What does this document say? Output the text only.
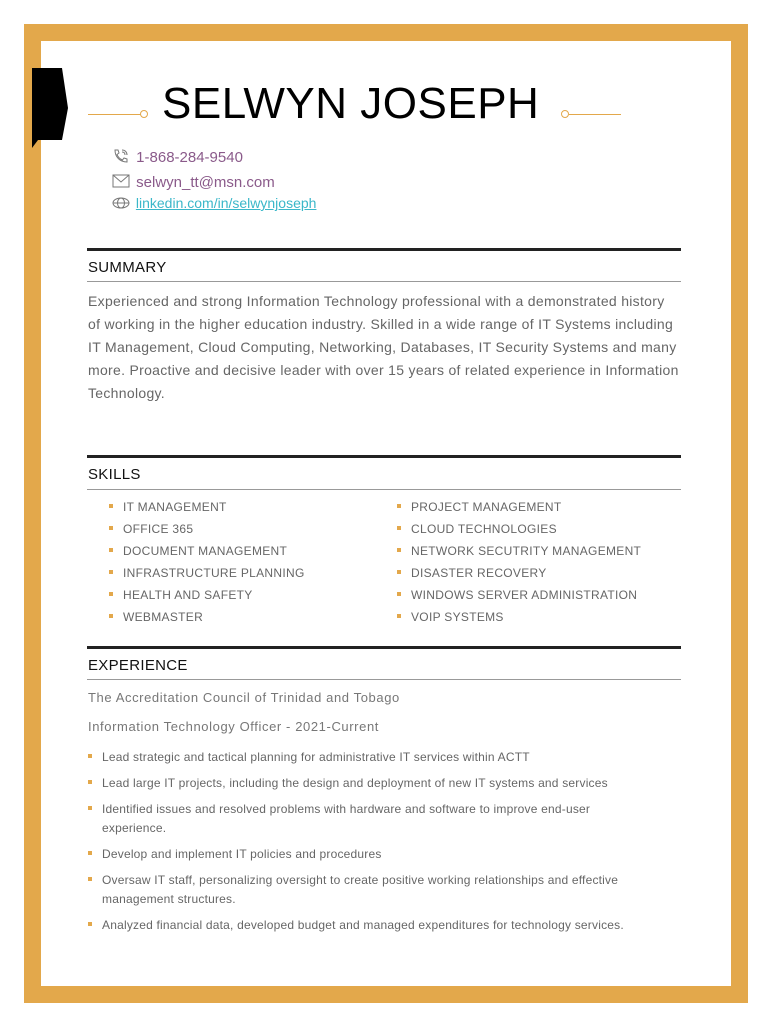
SELWYN JOSEPH
1-868-284-9540
selwyn_tt@msn.com
linkedin.com/in/selwynjoseph
SUMMARY

Experienced and strong Information Technology professional with a demonstrated history of working in the higher education industry. Skilled in a wide range of IT Systems including IT Management, Cloud Computing, Networking, Databases, IT Security Systems and many more. Proactive and decisive leader with over 15 years of related experience in Information Technology.

SKILLS
IT MANAGEMENT
OFFICE 365
DOCUMENT MANAGEMENT
INFRASTRUCTURE PLANNING
HEALTH AND SAFETY
WEBMASTER
PROJECT MANAGEMENT
CLOUD TECHNOLOGIES
NETWORK SECUTRITY MANAGEMENT
DISASTER RECOVERY
WINDOWS SERVER ADMINISTRATION
VOIP SYSTEMS
EXPERIENCE
The Accreditation Council of Trinidad and Tobago
Information Technology Officer - 2021-Current
Lead strategic and tactical planning for administrative IT services within ACTT
Lead large IT projects, including the design and deployment of new IT systems and services
Identified issues and resolved problems with hardware and software to improve end-user experience.
Develop and implement IT policies and procedures
Oversaw IT staff, personalizing oversight to create positive working relationships and effective management structures.
Analyzed financial data, developed budget and managed expenditures for technology services.
